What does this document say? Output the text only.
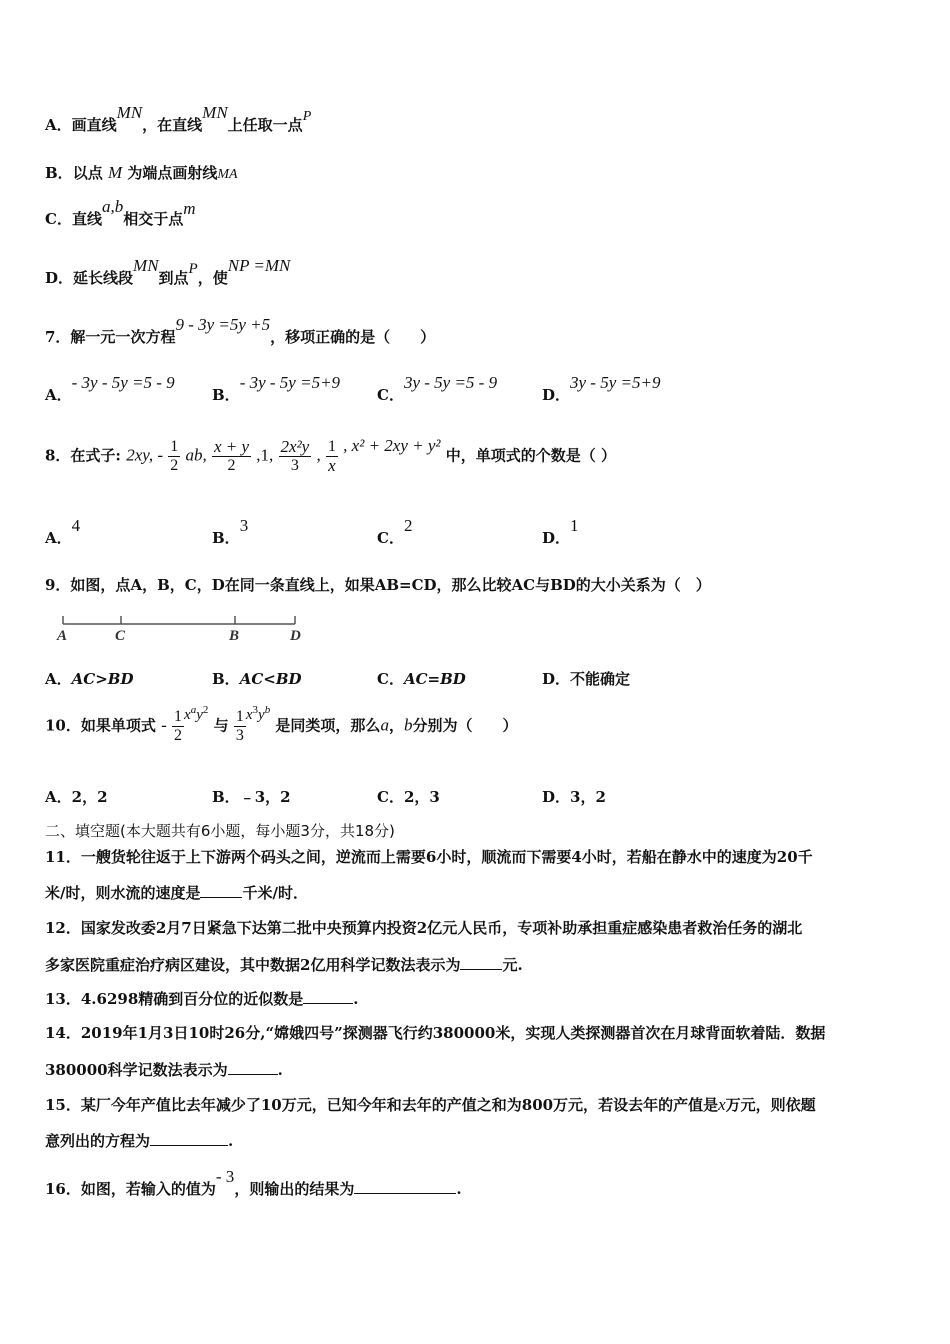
A．画直线MN，在直线MN上任取一点P
B．以点 M 为端点画射线MA
C．直线a,b相交于点m
D．延长线段MN到点P，使NP =MN
7．解一元一次方程9 - 3y =5y +5，移项正确的是（　　）
A．- 3y - 5y =5 - 9
B．- 3y - 5y =5+9
C．3y - 5y =5 - 9
D．3y - 5y =5+9
8．在式子: 2xy, - $\frac{1}{2}$ ab, $\frac{x + y}{2} ,1$, $\frac{\text{2x²y}}{3}$ , $\frac{1}{x}$ , x² + 2xy + y² 中，单项式的个数是（ ）
A．4
B．3
C．2
D．1
9．如图，点A，B，C，D在同一条直线上，如果AB=CD，那么比较AC与BD的大小关系为（　）
A	C	B	D
A．AC>BD	B．AC<BD	C．AC=BD	D．不能确定
10．如果单项式 - $\frac{1}{2} x^ay^2$ 与 $\frac{1}{3} x^3y^b$ 是同类项，那么a，b分别为（　　）
A．2，2	B．﹣3，2	C．2，3	D．3，2
二、填空题(本大题共有6小题，每小题3分，共18分)
11．一艘货轮往返于上下游两个码头之间，逆流而上需要6小时，顺流而下需要4小时，若船在静水中的速度为20千
米/时，则水流的速度是	千米/时．
12．国家发改委2月7日紧急下达第二批中央预算内投资2亿元人民币，专项补助承担重症感染患者救治任务的湖北
多家医院重症治疗病区建设，其中数据2亿用科学记数法表示为	元.
13．4.6298精确到百分位的近似数是	.
14．2019年1月3日10时26分,“嫦娥四号”探测器飞行约380000米，实现人类探测器首次在月球背面软着陆．数据
380000科学记数法表示为	.
15．某厂今年产值比去年减少了10万元，已知今年和去年的产值之和为800万元，若设去年的产值是x万元，则依题
意列出的方程为	.
16．如图，若输入的值为- 3，则输出的结果为	.
